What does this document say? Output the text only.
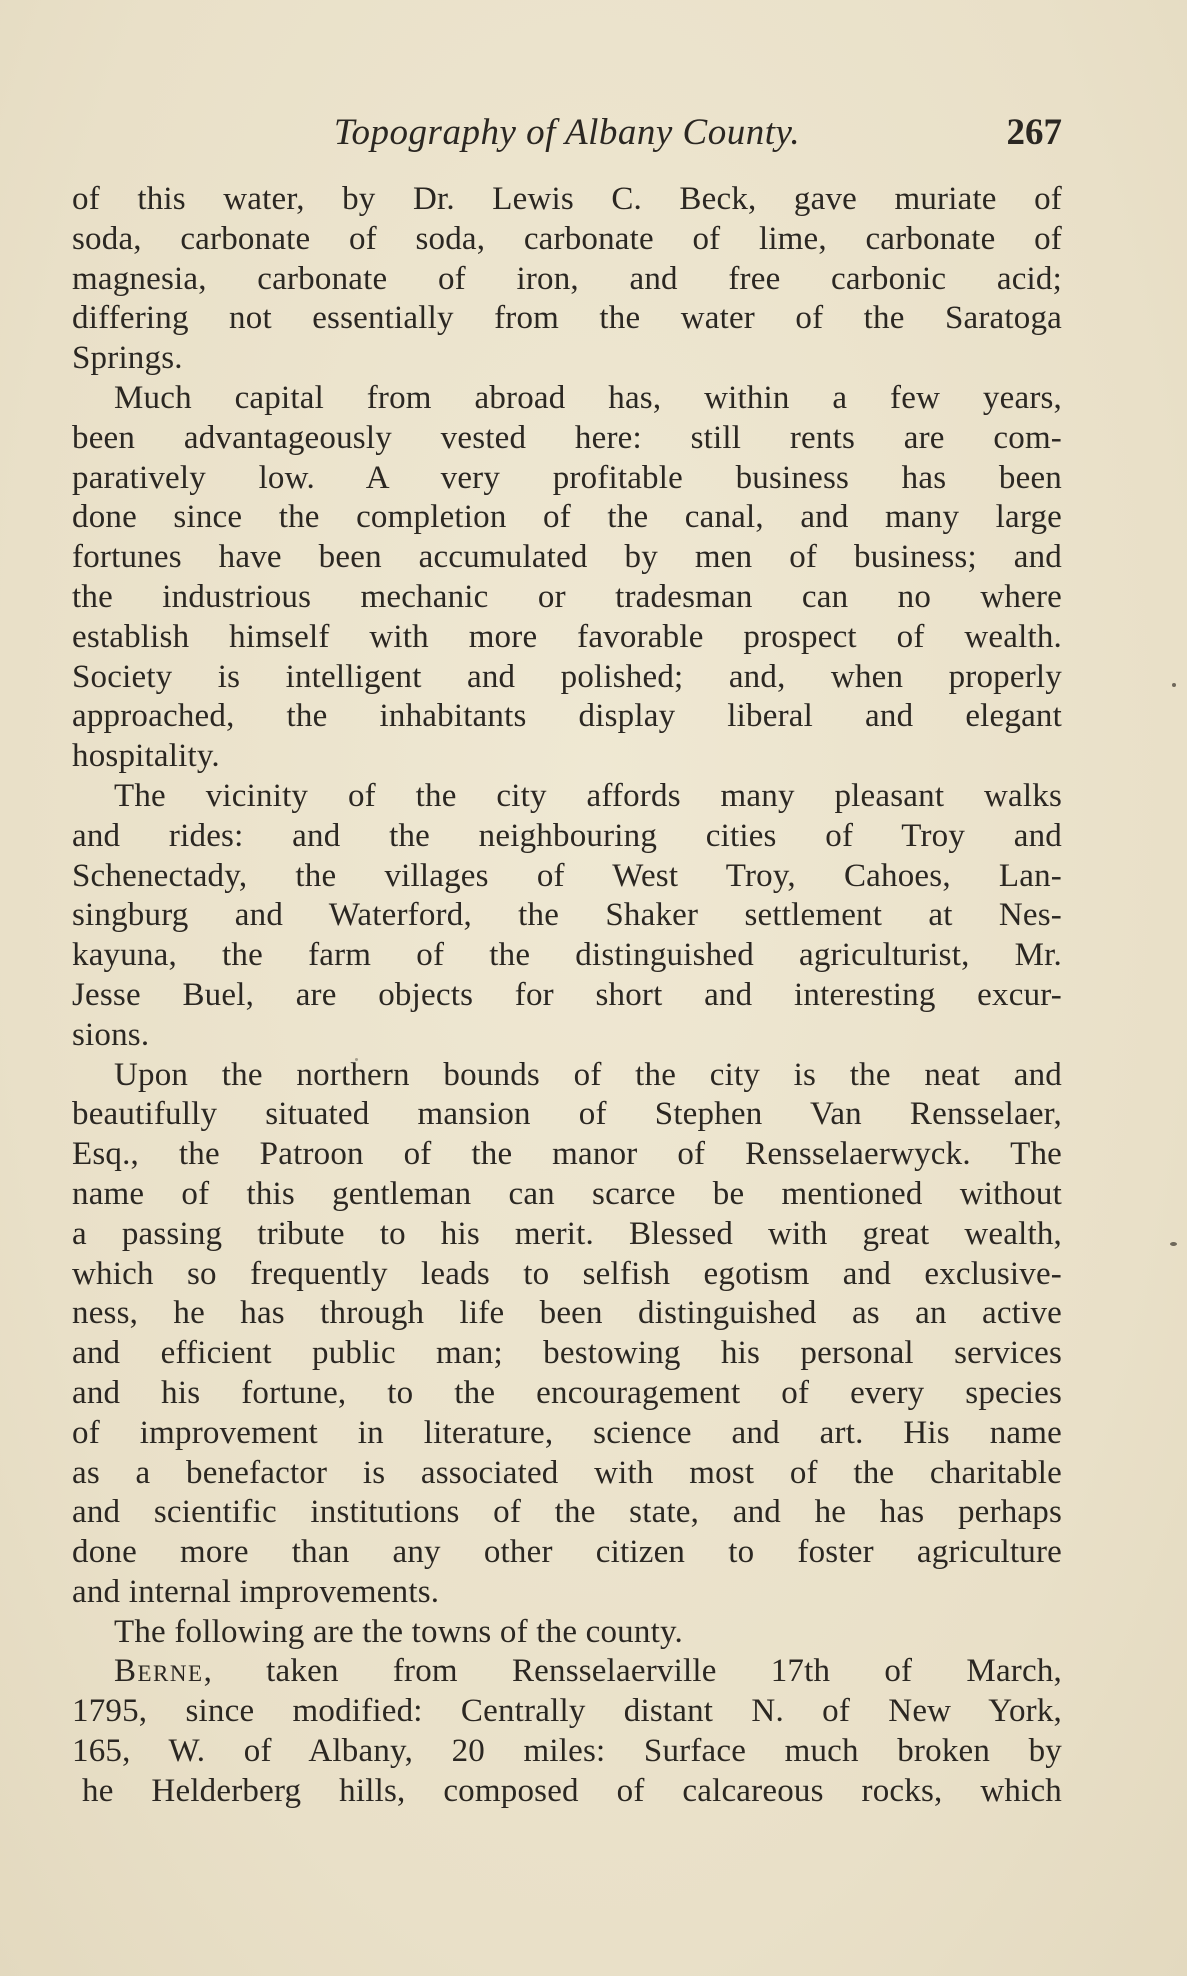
Topography of Albany County.	267
of this water, by Dr. Lewis C. Beck, gave muriate of
soda, carbonate of soda, carbonate of lime, carbonate of
magnesia, carbonate of iron, and free carbonic acid;
differing not essentially from the water of the Saratoga
Springs.
Much capital from abroad has, within a few years,
been advantageously vested here: still rents are com-
paratively low. A very profitable business has been
done since the completion of the canal, and many large
fortunes have been accumulated by men of business; and
the industrious mechanic or tradesman can no where
establish himself with more favorable prospect of wealth.
Society is intelligent and polished; and, when properly
approached, the inhabitants display liberal and elegant
hospitality.
The vicinity of the city affords many pleasant walks
and rides: and the neighbouring cities of Troy and
Schenectady, the villages of West Troy, Cahoes, Lan-
singburg and Waterford, the Shaker settlement at Nes-
kayuna, the farm of the distinguished agriculturist, Mr.
Jesse Buel, are objects for short and interesting excur-
sions.
Upon the northern bounds of the city is the neat and
beautifully situated mansion of Stephen Van Rensselaer,
Esq., the Patroon of the manor of Rensselaerwyck. The
name of this gentleman can scarce be mentioned without
a passing tribute to his merit. Blessed with great wealth,
which so frequently leads to selfish egotism and exclusive-
ness, he has through life been distinguished as an active
and efficient public man; bestowing his personal services
and his fortune, to the encouragement of every species
of improvement in literature, science and art. His name
as a benefactor is associated with most of the charitable
and scientific institutions of the state, and he has perhaps
done more than any other citizen to foster agriculture
and internal improvements.
The following are the towns of the county.
Berne, taken from Rensselaerville 17th of March,
1795, since modified: Centrally distant N. of New York,
165, W. of Albany, 20 miles: Surface much broken by
he Helderberg hills, composed of calcareous rocks, which
